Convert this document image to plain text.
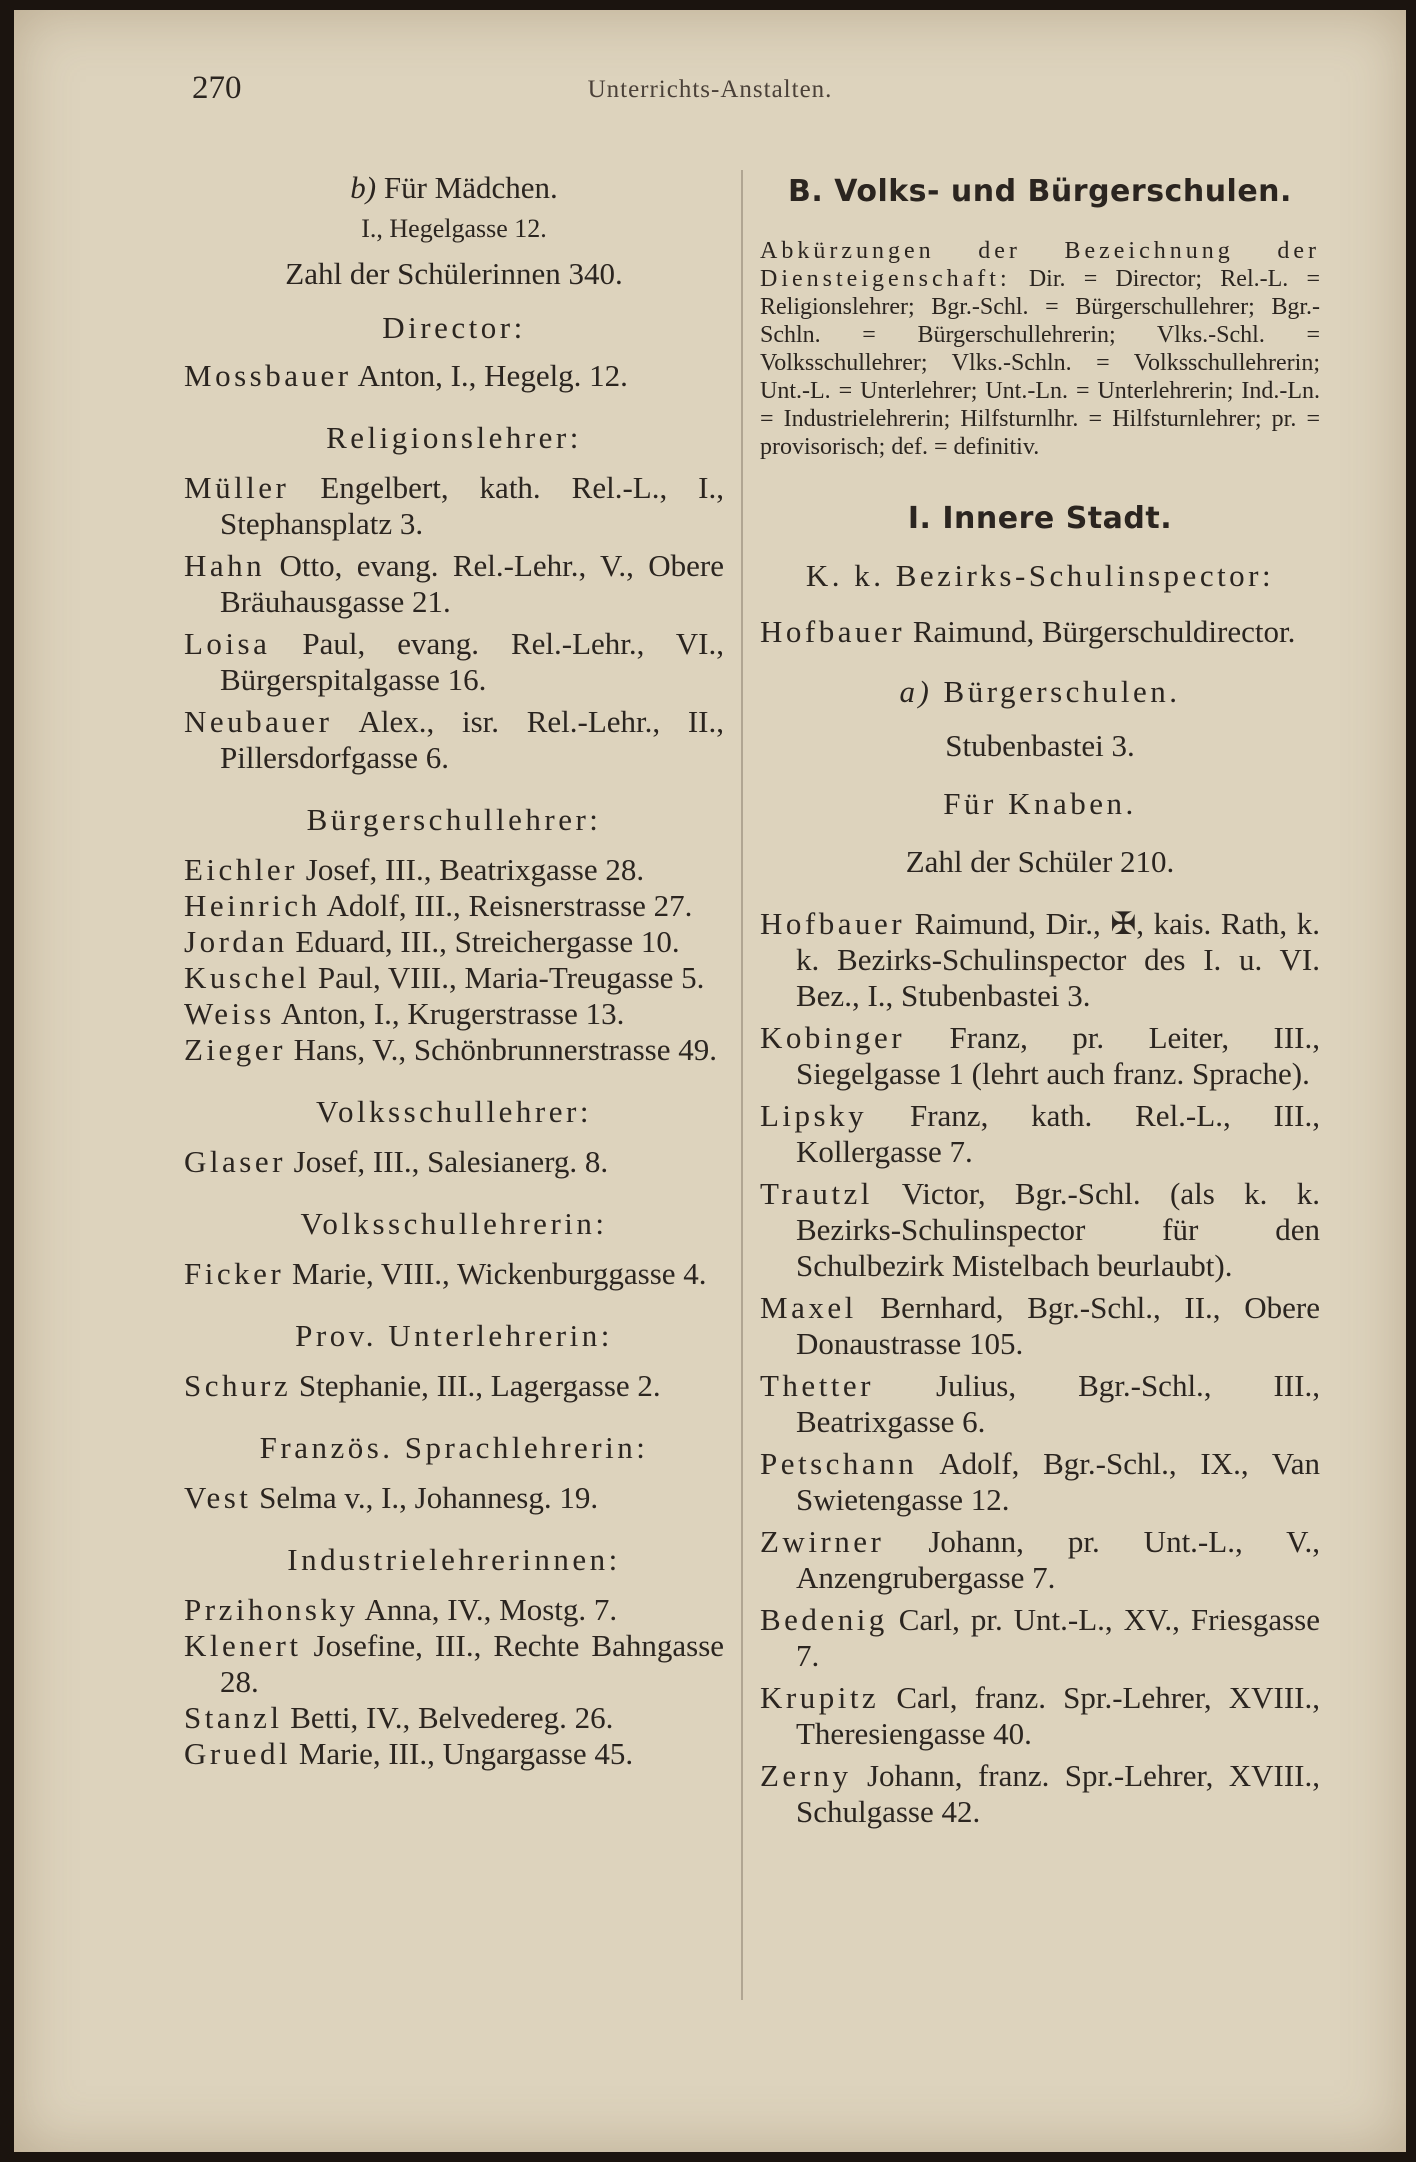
270	Unterrichts-Anstalten.

b) Für Mädchen.

I., Hegelgasse 12.

Zahl der Schülerinnen 340.

Director:

Mossbauer Anton, I., Hegelg. 12.

Religionslehrer:

Müller Engelbert, kath. Rel.-L., I., Stephansplatz 3.

Hahn Otto, evang. Rel.-Lehr., V., Obere Bräuhausgasse 21.

Loisa Paul, evang. Rel.-Lehr., VI., Bürgerspitalgasse 16.

Neubauer Alex., isr. Rel.-Lehr., II., Pillersdorfgasse 6.

Bürgerschullehrer:

Eichler Josef, III., Beatrixgasse 28.

Heinrich Adolf, III., Reisnerstrasse 27.

Jordan Eduard, III., Streichergasse 10.

Kuschel Paul, VIII., Maria-Treugasse 5.

Weiss Anton, I., Krugerstrasse 13.

Zieger Hans, V., Schönbrunnerstrasse 49.

Volksschullehrer:

Glaser Josef, III., Salesianerg. 8.

Volksschullehrerin:

Ficker Marie, VIII., Wickenburggasse 4.

Prov. Unterlehrerin:

Schurz Stephanie, III., Lagergasse 2.

Französ. Sprachlehrerin:

Vest Selma v., I., Johannesg. 19.

Industrielehrerinnen:

Przihonsky Anna, IV., Mostg. 7.

Klenert Josefine, III., Rechte Bahngasse 28.

Stanzl Betti, IV., Belvedereg. 26.

Gruedl Marie, III., Ungargasse 45.

B. Volks- und Bürgerschulen.

Abkürzungen der Bezeichnung der Diensteigenschaft: Dir. = Director; Rel.-L. = Religionslehrer; Bgr.-Schl. = Bürgerschullehrer; Bgr.-Schln. = Bürgerschullehrerin; Vlks.-Schl. = Volksschullehrer; Vlks.-Schln. = Volksschullehrerin; Unt.-L. = Unterlehrer; Unt.-Ln. = Unterlehrerin; Ind.-Ln. = Industrielehrerin; Hilfsturnlhr. = Hilfsturnlehrer; pr. = provisorisch; def. = definitiv.

I. Innere Stadt.

K. k. Bezirks-Schulinspector:

Hofbauer Raimund, Bürgerschuldirector.

a) Bürgerschulen.

Stubenbastei 3.

Für Knaben.

Zahl der Schüler 210.

Hofbauer Raimund, Dir., ✠, kais. Rath, k. k. Bezirks-Schulinspector des I. u. VI. Bez., I., Stubenbastei 3.

Kobinger Franz, pr. Leiter, III., Siegelgasse 1 (lehrt auch franz. Sprache).

Lipsky Franz, kath. Rel.-L., III., Kollergasse 7.

Trautzl Victor, Bgr.-Schl. (als k. k. Bezirks-Schulinspector für den Schulbezirk Mistelbach beurlaubt).

Maxel Bernhard, Bgr.-Schl., II., Obere Donaustrasse 105.

Thetter Julius, Bgr.-Schl., III., Beatrixgasse 6.

Petschann Adolf, Bgr.-Schl., IX., Van Swietengasse 12.

Zwirner Johann, pr. Unt.-L., V., Anzengrubergasse 7.

Bedenig Carl, pr. Unt.-L., XV., Friesgasse 7.

Krupitz Carl, franz. Spr.-Lehrer, XVIII., Theresiengasse 40.

Zerny Johann, franz. Spr.-Lehrer, XVIII., Schulgasse 42.
